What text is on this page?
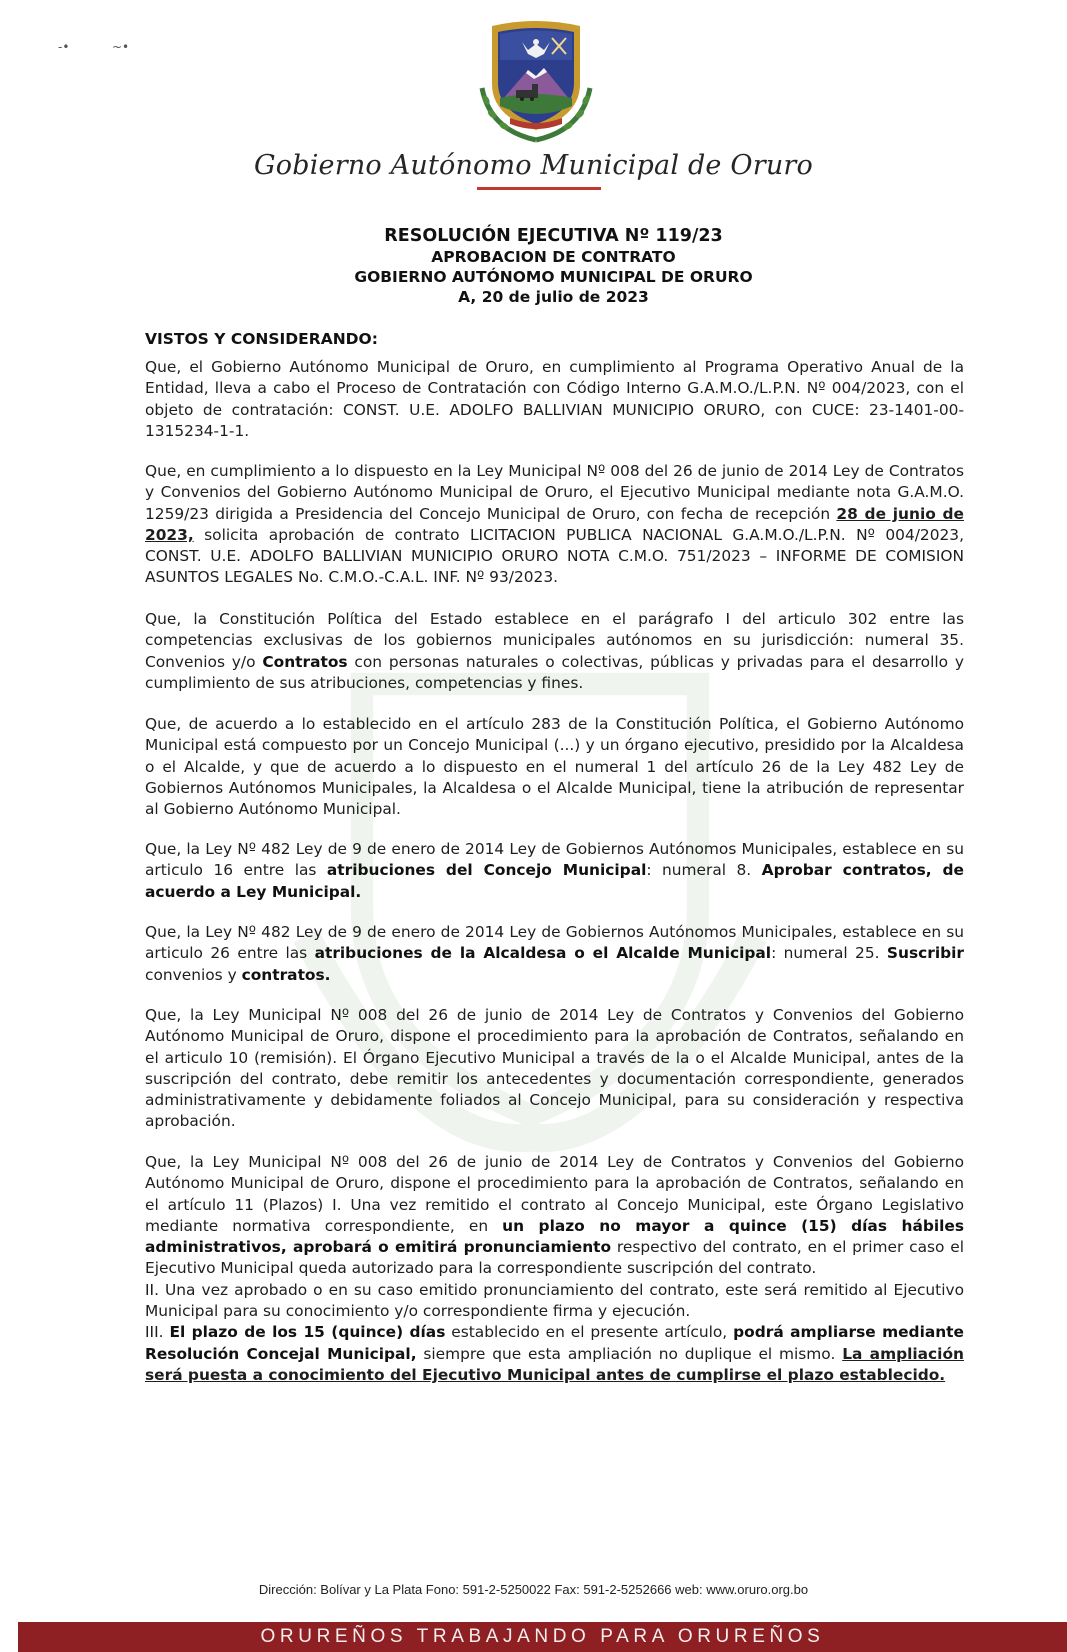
-•	~•
Gobierno Autónomo Municipal de Oruro
RESOLUCIÓN EJECUTIVA Nº 119/23
APROBACION DE CONTRATO
GOBIERNO AUTÓNOMO MUNICIPAL DE ORURO
A, 20 de julio de 2023
VISTOS Y CONSIDERANDO:

Que, el Gobierno Autónomo Municipal de Oruro, en cumplimiento al Programa Operativo Anual de la Entidad, lleva a cabo el Proceso de Contratación con Código Interno G.A.M.O./L.P.N. Nº 004/2023, con el objeto de contratación: CONST. U.E. ADOLFO BALLIVIAN MUNICIPIO ORURO, con CUCE: 23-1401-00-1315234-1-1.

Que, en cumplimiento a lo dispuesto en la Ley Municipal Nº 008 del 26 de junio de 2014 Ley de Contratos y Convenios del Gobierno Autónomo Municipal de Oruro, el Ejecutivo Municipal mediante nota G.A.M.O. 1259/23 dirigida a Presidencia del Concejo Municipal de Oruro, con fecha de recepción 28 de junio de 2023, solicita aprobación de contrato LICITACION PUBLICA NACIONAL G.A.M.O./L.P.N. Nº 004/2023, CONST. U.E. ADOLFO BALLIVIAN MUNICIPIO ORURO NOTA C.M.O. 751/2023 – INFORME DE COMISION ASUNTOS LEGALES No. C.M.O.-C.A.L. INF. Nº 93/2023.

Que, la Constitución Política del Estado establece en el parágrafo I del articulo 302 entre las competencias exclusivas de los gobiernos municipales autónomos en su jurisdicción: numeral 35. Convenios y/o Contratos con personas naturales o colectivas, públicas y privadas para el desarrollo y cumplimiento de sus atribuciones, competencias y fines.

Que, de acuerdo a lo establecido en el artículo 283 de la Constitución Política, el Gobierno Autónomo Municipal está compuesto por un Concejo Municipal (...) y un órgano ejecutivo, presidido por la Alcaldesa o el Alcalde, y que de acuerdo a lo dispuesto en el numeral 1 del artículo 26 de la Ley 482 Ley de Gobiernos Autónomos Municipales, la Alcaldesa o el Alcalde Municipal, tiene la atribución de representar al Gobierno Autónomo Municipal.

Que, la Ley Nº 482 Ley de 9 de enero de 2014 Ley de Gobiernos Autónomos Municipales, establece en su articulo 16 entre las atribuciones del Concejo Municipal: numeral 8. Aprobar contratos, de acuerdo a Ley Municipal.

Que, la Ley Nº 482 Ley de 9 de enero de 2014 Ley de Gobiernos Autónomos Municipales, establece en su articulo 26 entre las atribuciones de la Alcaldesa o el Alcalde Municipal: numeral 25. Suscribir convenios y contratos.

Que, la Ley Municipal Nº 008 del 26 de junio de 2014 Ley de Contratos y Convenios del Gobierno Autónomo Municipal de Oruro, dispone el procedimiento para la aprobación de Contratos, señalando en el articulo 10 (remisión). El Órgano Ejecutivo Municipal a través de la o el Alcalde Municipal, antes de la suscripción del contrato, debe remitir los antecedentes y documentación correspondiente, generados administrativamente y debidamente foliados al Concejo Municipal, para su consideración y respectiva aprobación.

Que, la Ley Municipal Nº 008 del 26 de junio de 2014 Ley de Contratos y Convenios del Gobierno Autónomo Municipal de Oruro, dispone el procedimiento para la aprobación de Contratos, señalando en el artículo 11 (Plazos) I. Una vez remitido el contrato al Concejo Municipal, este Órgano Legislativo mediante normativa correspondiente, en un plazo no mayor a quince (15) días hábiles administrativos, aprobará o emitirá pronunciamiento respectivo del contrato, en el primer caso el Ejecutivo Municipal queda autorizado para la correspondiente suscripción del contrato.
II. Una vez aprobado o en su caso emitido pronunciamiento del contrato, este será remitido al Ejecutivo Municipal para su conocimiento y/o correspondiente firma y ejecución.
III. El plazo de los 15 (quince) días establecido en el presente artículo, podrá ampliarse mediante Resolución Concejal Municipal, siempre que esta ampliación no duplique el mismo. La ampliación será puesta a conocimiento del Ejecutivo Municipal antes de cumplirse el plazo establecido.

Dirección: Bolívar y La Plata Fono: 591-2-5250022 Fax: 591-2-5252666 web: www.oruro.org.bo
ORUREÑOS TRABAJANDO PARA ORUREÑOS
